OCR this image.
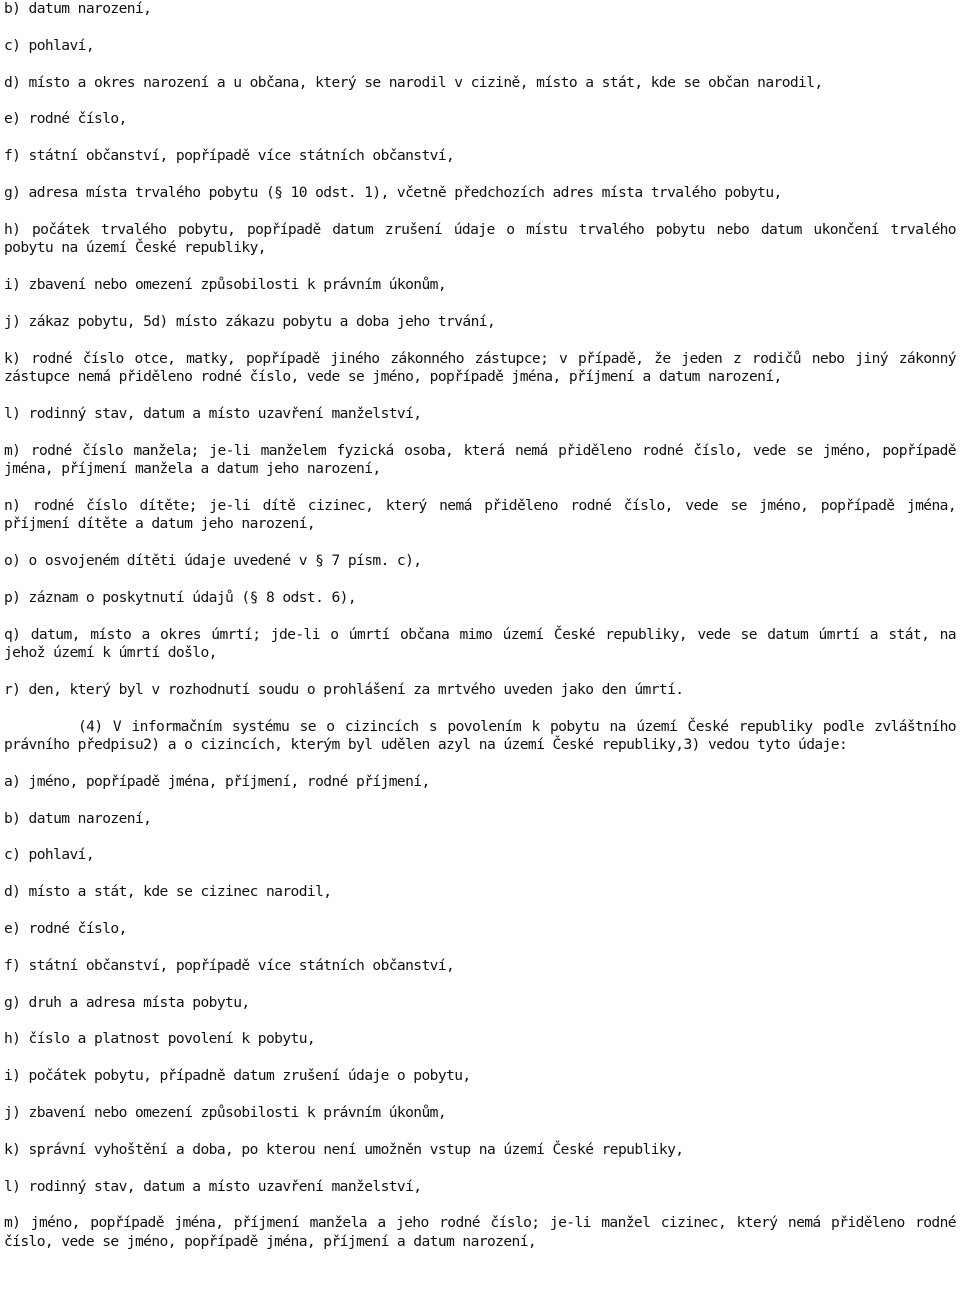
b) datum narození,

c) pohlaví,

d) místo a okres narození a u občana, který se narodil v cizině, místo a stát, kde se občan narodil,

e) rodné číslo,

f) státní občanství, popřípadě více státních občanství,

g) adresa místa trvalého pobytu (§ 10 odst. 1), včetně předchozích adres místa trvalého pobytu,

h) počátek trvalého pobytu, popřípadě datum zrušení údaje o místu trvalého pobytu nebo datum ukončení trvalého pobytu na území České republiky,

i) zbavení nebo omezení způsobilosti k právním úkonům,

j) zákaz pobytu, 5d) místo zákazu pobytu a doba jeho trvání,

k) rodné číslo otce, matky, popřípadě jiného zákonného zástupce; v případě, že jeden z rodičů nebo jiný zákonný zástupce nemá přiděleno rodné číslo, vede se jméno, popřípadě jména, příjmení a datum narození,

l) rodinný stav, datum a místo uzavření manželství,

m) rodné číslo manžela; je-li manželem fyzická osoba, která nemá přiděleno rodné číslo, vede se jméno, popřípadě jména, příjmení manžela a datum jeho narození,

n) rodné číslo dítěte; je-li dítě cizinec, který nemá přiděleno rodné číslo, vede se jméno, popřípadě jména, příjmení dítěte a datum jeho narození,

o) o osvojeném dítěti údaje uvedené v § 7 písm. c),

p) záznam o poskytnutí údajů (§ 8 odst. 6),

q) datum, místo a okres úmrtí; jde-li o úmrtí občana mimo území České republiky, vede se datum úmrtí a stát, na jehož území k úmrtí došlo,

r) den, který byl v rozhodnutí soudu o prohlášení za mrtvého uveden jako den úmrtí.

(4) V informačním systému se o cizincích s povolením k pobytu na území České republiky podle zvláštního právního předpisu2) a o cizincích, kterým byl udělen azyl na území České republiky,3) vedou tyto údaje:

a) jméno, popřípadě jména, příjmení, rodné příjmení,

b) datum narození,

c) pohlaví,

d) místo a stát, kde se cizinec narodil,

e) rodné číslo,

f) státní občanství, popřípadě více státních občanství,

g) druh a adresa místa pobytu,

h) číslo a platnost povolení k pobytu,

i) počátek pobytu, případně datum zrušení údaje o pobytu,

j) zbavení nebo omezení způsobilosti k právním úkonům,

k) správní vyhoštění a doba, po kterou není umožněn vstup na území České republiky,

l) rodinný stav, datum a místo uzavření manželství,

m) jméno, popřípadě jména, příjmení manžela a jeho rodné číslo; je-li manžel cizinec, který nemá přiděleno rodné číslo, vede se jméno, popřípadě jména, příjmení a datum narození,
